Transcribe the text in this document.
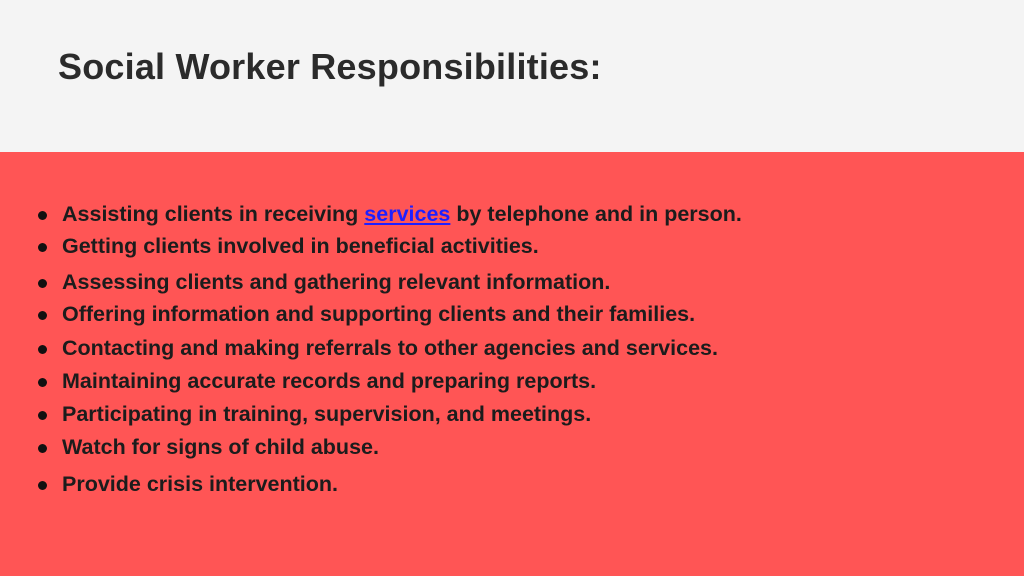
Social Worker Responsibilities:
Assisting clients in receiving services by telephone and in person.
Getting clients involved in beneficial activities.
Assessing clients and gathering relevant information.
Offering information and supporting clients and their families.
Contacting and making referrals to other agencies and services.
Maintaining accurate records and preparing reports.
Participating in training, supervision, and meetings.
Watch for signs of child abuse.
Provide crisis intervention.
